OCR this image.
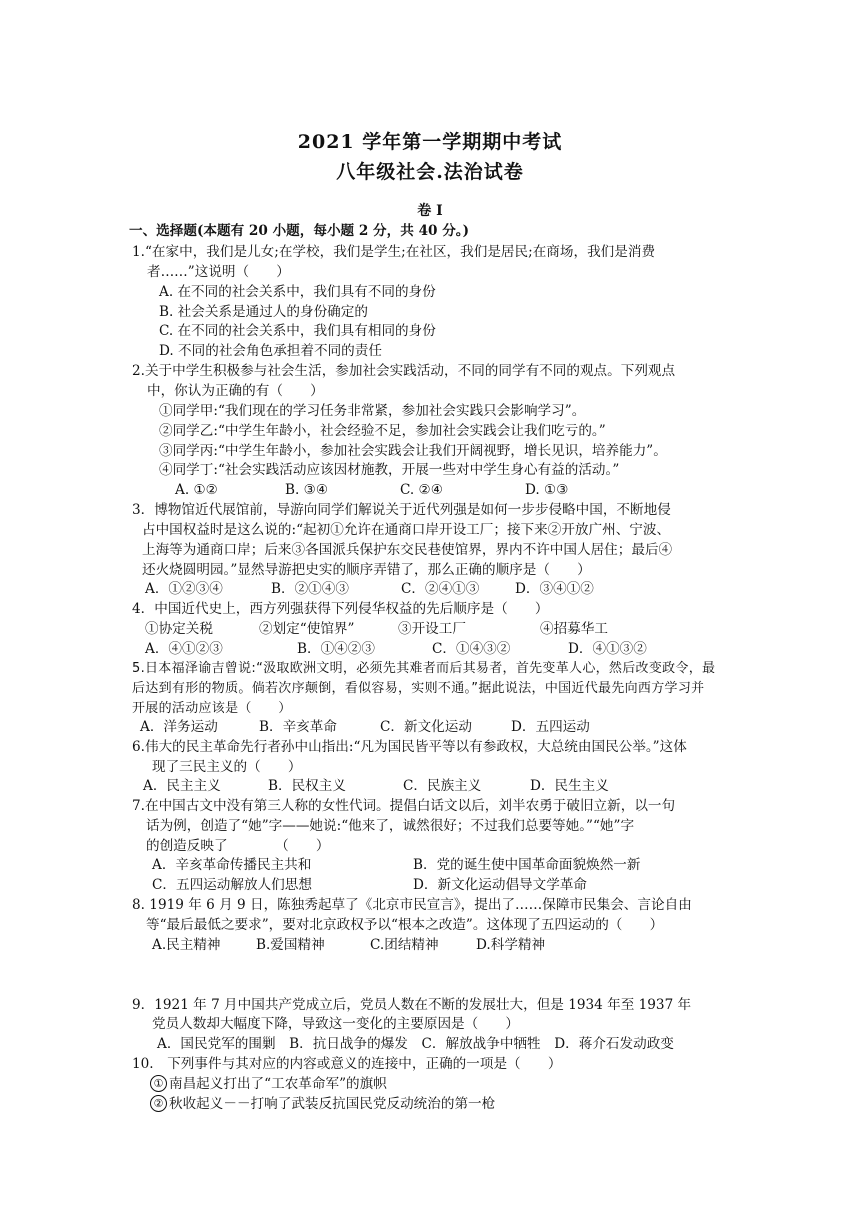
2021 学年第一学期期中考试
八年级社会.法治试卷
卷 I
一、选择题(本题有 20 小题，每小题 2 分，共 40 分。)
1.“在家中，我们是儿女;在学校，我们是学生;在社区，我们是居民;在商场，我们是消费
者……”这说明（　　）
A. 在不同的社会关系中，我们具有不同的身份
B. 社会关系是通过人的身份确定的
C. 在不同的社会关系中，我们具有相同的身份
D. 不同的社会角色承担着不同的责任
2.关于中学生积极参与社会生活，参加社会实践活动，不同的同学有不同的观点。下列观点
中，你认为正确的有（　　）
①同学甲:“我们现在的学习任务非常紧，参加社会实践只会影响学习”。
②同学乙:“中学生年龄小，社会经验不足，参加社会实践会让我们吃亏的。”
③同学丙:“中学生年龄小，参加社会实践会让我们开阔视野，增长见识，培养能力”。
④同学丁:“社会实践活动应该因材施教，开展一些对中学生身心有益的活动。”
A. ①②	B. ③④	C. ②④	D. ①③
3．博物馆近代展馆前，导游向同学们解说关于近代列强是如何一步步侵略中国，不断地侵
占中国权益时是这么说的:“起初①允许在通商口岸开设工厂；接下来②开放广州、宁波、
上海等为通商口岸；后来③各国派兵保护东交民巷使馆界，界内不许中国人居住；最后④
还火烧圆明园。”显然导游把史实的顺序弄错了，那么正确的顺序是（　　）
A．①②③④	B．②①④③	C．②④①③	D．③④①②
4．中国近代史上，西方列强获得下列侵华权益的先后顺序是（　　）
①协定关税	②划定“使馆界”	③开设工厂	④招募华工
A．④①②③	B．①④②③	C．①④③②	D．④①③②
5.日本福泽谕吉曾说:“汲取欧洲文明，必须先其难者而后其易者，首先变革人心，然后改变政令，最
后达到有形的物质。倘若次序颠倒，看似容易，实则不通。”据此说法，中国近代最先向西方学习并
开展的活动应该是（　　）
A．洋务运动	B．辛亥革命	C．新文化运动	D．五四运动
6.伟大的民主革命先行者孙中山指出:“凡为国民皆平等以有参政权，大总统由国民公举。”这体
现了三民主义的（　　）
A．民主主义	B．民权主义	C．民族主义	D．民生主义
7.在中国古文中没有第三人称的女性代词。提倡白话文以后，刘半农勇于破旧立新，以一句
话为例，创造了“她”字——她说:“他来了，诚然很好；不过我们总要等她。”“她”字
的创造反映了　　　　（　　）
A．辛亥革命传播民主共和	B．党的诞生使中国革命面貌焕然一新
C．五四运动解放人们思想	D．新文化运动倡导文学革命
8. 1919 年 6 月 9 日，陈独秀起草了《北京市民宣言》，提出了……保障市民集会、言论自由
等“最后最低之要求”，要对北京政权予以“根本之改造”。这体现了五四运动的（　　）
A.民主精神	B.爱国精神	C.团结精神	D.科学精神
9．1921 年 7 月中国共产党成立后，党员人数在不断的发展壮大，但是 1934 年至 1937 年
党员人数却大幅度下降，导致这一变化的主要原因是（　　）
A．国民党军的围剿　B．抗日战争的爆发　C．解放战争中牺牲　D．蒋介石发动政变
10.　下列事件与其对应的内容或意义的连接中，正确的一项是（　　）
① 南昌起义打出了“工农革命军”的旗帜
② 秋收起义－－打响了武装反抗国民党反动统治的第一枪
